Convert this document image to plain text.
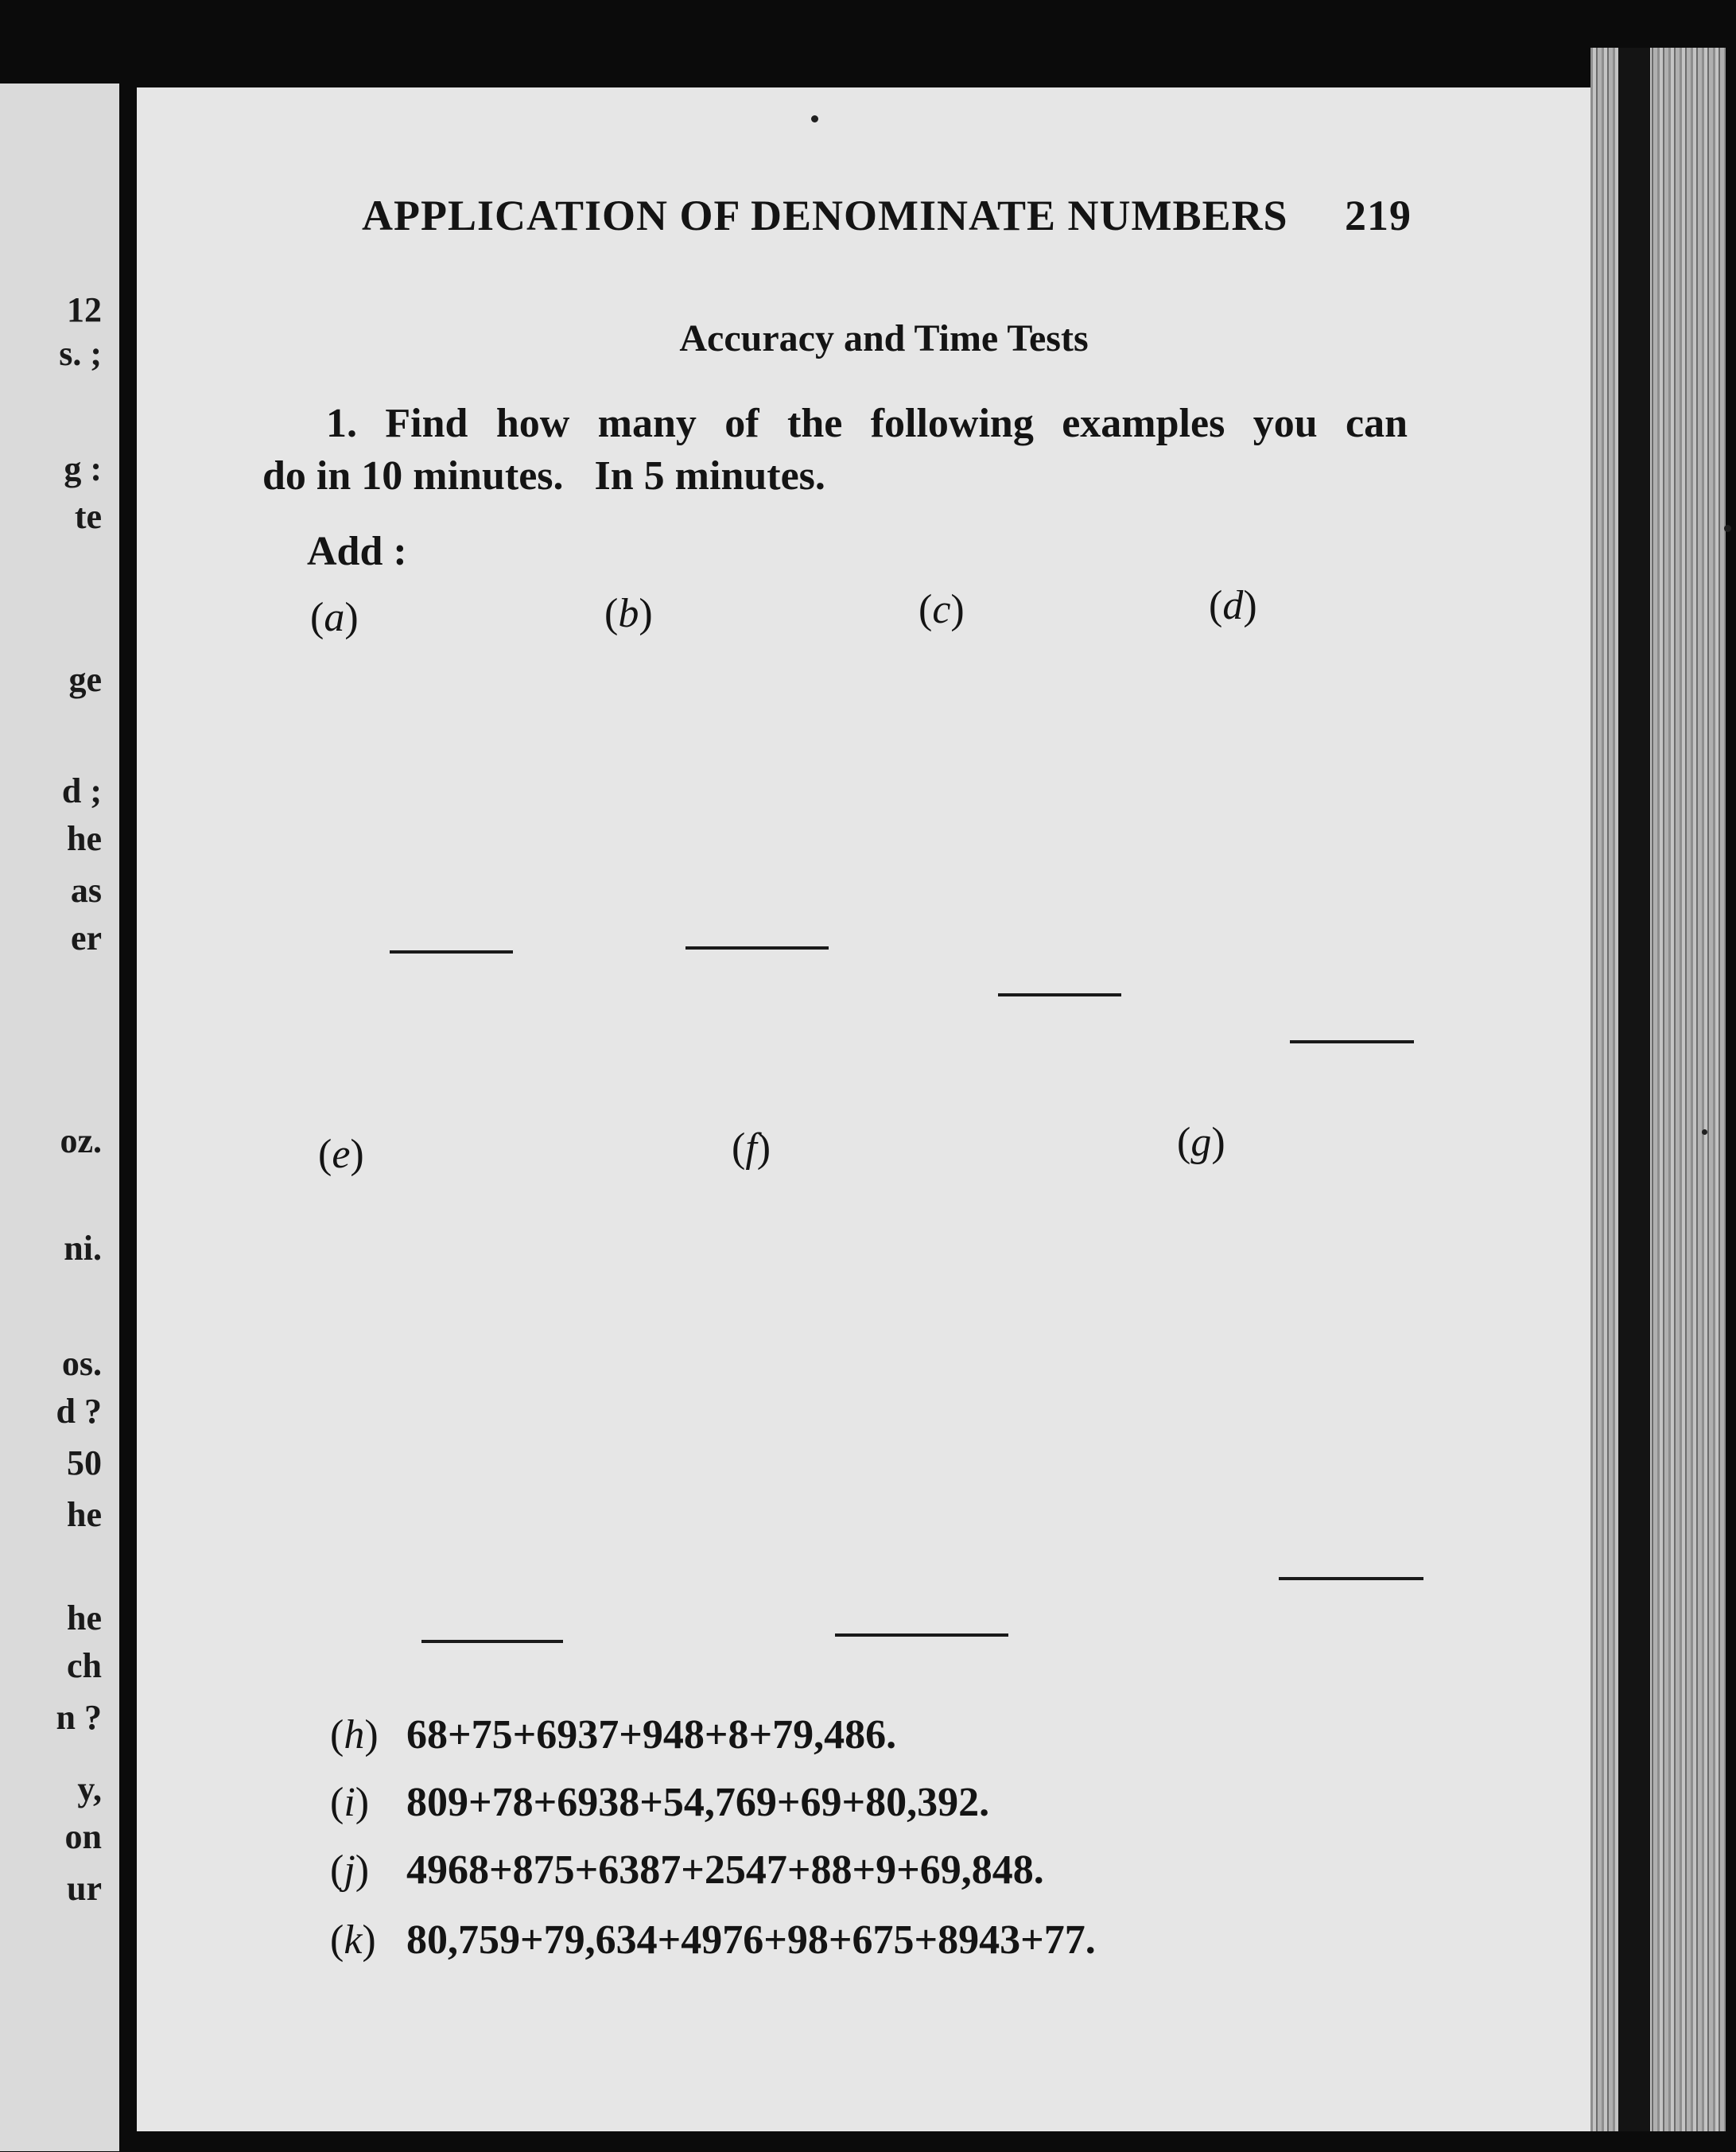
12
s. ;
g :
te
ge
d ;
he
as
er
oz.
ni.
os.
d ?
50
he
he
ch
n ?
y,
on
ur
APPLICATION OF DENOMINATE NUMBERS 219
Accuracy and Time Tests
1. Find how many of the following examples you can
do in 10 minutes.   In 5 minutes.
Add :
(a)	(b)	(c)	(d)
(e)	(f)	(g)
(h) 68+75+6937+948+8+79,486.
(i) 809+78+6938+54,769+69+80,392.
(j) 4968+875+6387+2547+88+9+69,848.
(k) 80,759+79,634+4976+98+675+8943+77.
